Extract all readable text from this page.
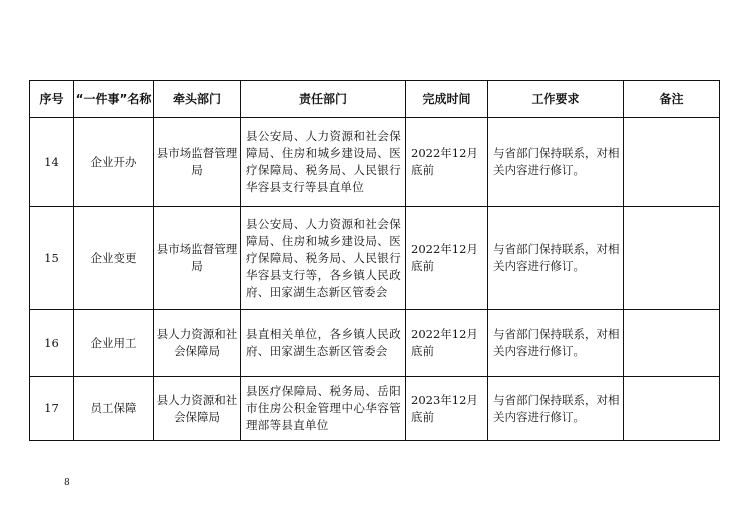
序号	“一件事”名称	牵头部门	责任部门	完成时间	工作要求	备注
14	企业开办	县市场监督管理局	县公安局、人力资源和社会保障局、住房和城乡建设局、医疗保障局、税务局、人民银行华容县支行等县直单位	2022年12月底前	与省部门保持联系，对相关内容进行修订。	
15	企业变更	县市场监督管理局	县公安局、人力资源和社会保障局、住房和城乡建设局、医疗保障局、税务局、人民银行华容县支行等，各乡镇人民政府、田家湖生态新区管委会	2022年12月底前	与省部门保持联系，对相关内容进行修订。	
16	企业用工	县人力资源和社会保障局	县直相关单位，各乡镇人民政府、田家湖生态新区管委会	2022年12月底前	与省部门保持联系，对相关内容进行修订。	
17	员工保障	县人力资源和社会保障局	县医疗保障局、税务局、岳阳市住房公积金管理中心华容管理部等县直单位	2023年12月底前	与省部门保持联系，对相关内容进行修订。	
8
